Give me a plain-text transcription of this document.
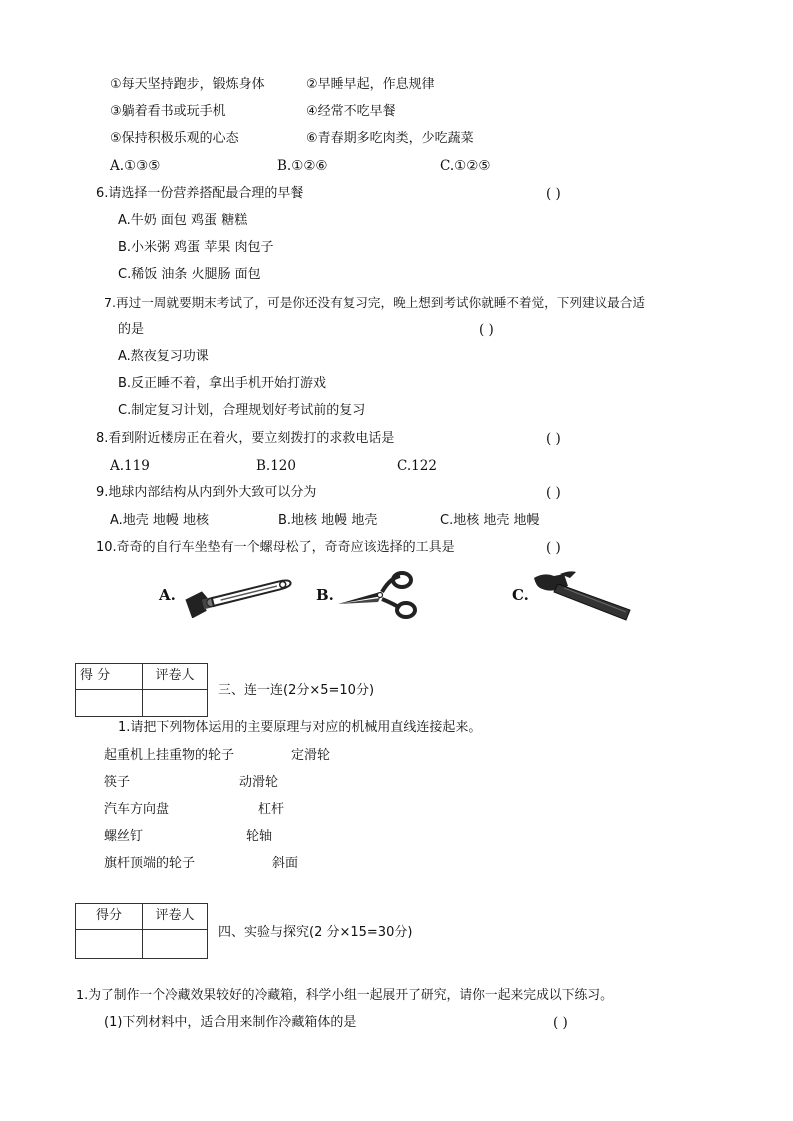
①每天坚持跑步，锻炼身体	②早睡早起，作息规律
③躺着看书或玩手机	④经常不吃早餐
⑤保持积极乐观的心态	⑥青春期多吃肉类，少吃蔬菜
A.①③⑤	B.①②⑥	C.①②⑤
6.请选择一份营养搭配最合理的早餐	( )
A.牛奶 面包 鸡蛋 糖糕
B.小米粥 鸡蛋 苹果 肉包子
C.稀饭 油条 火腿肠 面包
7.再过一周就要期末考试了，可是你还没有复习完，晚上想到考试你就睡不着觉，下列建议最合适
的是	( )
A.熬夜复习功课
B.反正睡不着，拿出手机开始打游戏
C.制定复习计划，合理规划好考试前的复习
8.看到附近楼房正在着火，要立刻拨打的求救电话是	( )
A.119	B.120	C.122
9.地球内部结构从内到外大致可以分为	( )
A.地壳 地幔 地核	B.地核 地幔 地壳	C.地核 地壳 地幔
10.奇奇的自行车坐垫有一个螺母松了，奇奇应该选择的工具是	( )
A.	B.	C.
得 分	评卷人

三、连一连(2分×5=10分)
1.请把下列物体运用的主要原理与对应的机械用直线连接起来。
起重机上挂重物的轮子	定滑轮
筷子	动滑轮
汽车方向盘	杠杆
螺丝钉	轮轴
旗杆顶端的轮子	斜面
得分	评卷人

四、实验与探究(2 分×15=30分)
1.为了制作一个冷藏效果较好的冷藏箱，科学小组一起展开了研究，请你一起来完成以下练习。
(1)下列材料中，适合用来制作冷藏箱体的是	( )
